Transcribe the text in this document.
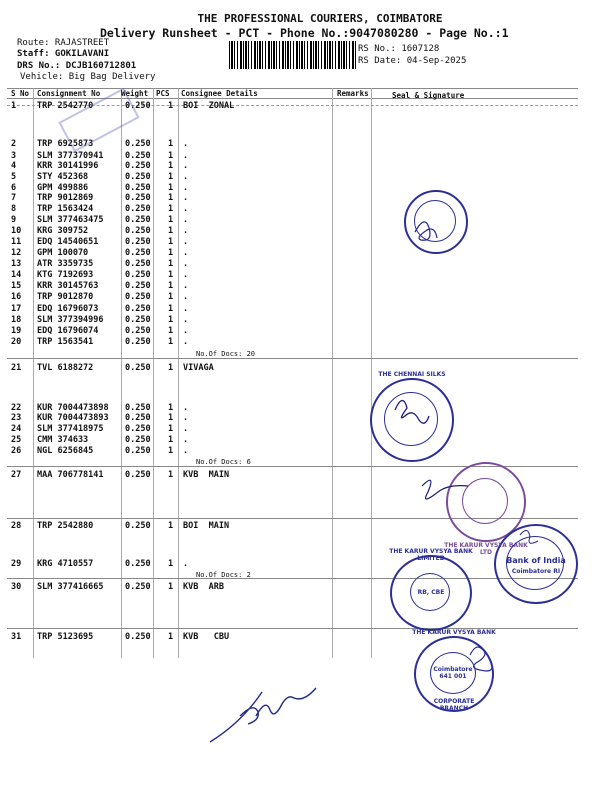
THE PROFESSIONAL COURIERS, COIMBATORE
Delivery Runsheet - PCT - Phone No.:9047080280 - Page No.:1
Route: RAJASTREET
Staff: GOKILAVANI
DRS No.: DCJB160712801
Vehicle: Big Bag Delivery
RS No.: 1607128
RS Date: 04-Sep-2025
S No Consignment No	Weight PCS Consignee Details	Remarks	Seal & Signature
1 TRP 2542770	0.250 1 BOI  ZONAL
2 TRP 6925873	0.250 1 .
3 SLM 377370941	0.250 1 .
4 KRR 30141996	0.250 1 .
5 STY 452368	0.250 1 .
6 GPM 499886	0.250 1 .
7 TRP 9012869	0.250 1 .
8 TRP 1563424	0.250 1 .
9 SLM 377463475	0.250 1 .
10 KRG 309752	0.250 1 .
11 EDQ 14540651	0.250 1 .
12 GPM 100070	0.250 1 .
13 ATR 3359735	0.250 1 .
14 KTG 7192693	0.250 1 .
15 KRR 30145763	0.250 1 .
16 TRP 9012870	0.250 1 .
17 EDQ 16796073	0.250 1 .
18 SLM 377394996	0.250 1 .
19 EDQ 16796074	0.250 1 .
20 TRP 1563541	0.250 1 .
21 TVL 6188272	0.250 1 VIVAGA
22 KUR 7004473898 0.250 1 .
23 KUR 7004473893 0.250 1 .
24 SLM 377418975	0.250 1 .
25 CMM 374633	0.250 1 .
26 NGL 6256845	0.250 1 .
27 MAA 706778141	0.250 1 KVB  MAIN
28 TRP 2542880	0.250 1 BOI  MAIN
29 KRG 4710557	0.250 1 .
30 SLM 377416665	0.250 1 KVB  ARB
31 TRP 5123695	0.250 1 KVB   CBU
No.Of Docs: 20
No.Of Docs: 6
No.Of Docs: 2
THE CHENNAI SILKS
THE KARUR VYSYA BANK LTD
RB, CBE
THE KARUR VYSYA BANK LIMITED	Bank of India
Coimbatore RI
Coimbatore 641 001
THE KARUR VYSYA BANK
CORPORATE BRANCH
